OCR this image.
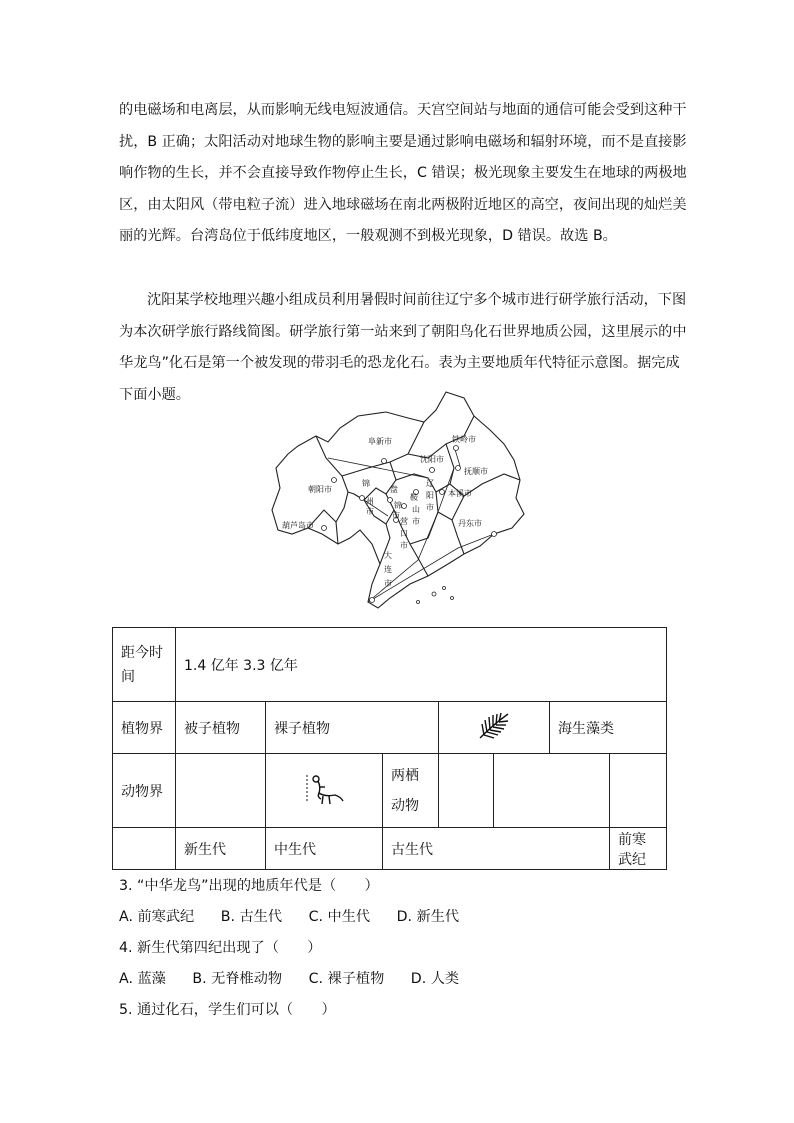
的电磁场和电离层，从而影响无线电短波通信。天宫空间站与地面的通信可能会受到这种干
扰，B 正确；太阳活动对地球生物的影响主要是通过影响电磁场和辐射环境，而不是直接影
响作物的生长，并不会直接导致作物停止生长，C 错误；极光现象主要发生在地球的两极地
区，由太阳风（带电粒子流）进入地球磁场在南北两极附近地区的高空，夜间出现的灿烂美
丽的光辉。台湾岛位于低纬度地区，一般观测不到极光现象，D 错误。故选 B。
沈阳某学校地理兴趣小组成员利用暑假时间前往辽宁多个城市进行研学旅行活动，下图
为本次研学旅行路线简图。研学旅行第一站来到了朝阳鸟化石世界地质公园，这里展示的中
华龙鸟”化石是第一个被发现的带羽毛的恐龙化石。表为主要地质年代特征示意图。据完成
下面小题。
阜新市	铁岭市
沈阳市
抚顺市
朝阳市
锦
州
市
盘
锦
市
辽
阳
市
本溪市
鞍
山
市
营
口
市
丹东市
葫芦岛市
大
连
市
距今时
间	1.4 亿年 3.3 亿年						
植物界	被子植物	裸子植物				海生藻类	
动物界			两栖
动物				
	新生代	中生代	古生代				前寒武纪
3. “中华龙鸟”出现的地质年代是（　　）
A. 前寒武纪 B. 古生代 C. 中生代 D. 新生代
4. 新生代第四纪出现了（　　）
A. 蓝藻 B. 无脊椎动物 C. 裸子植物 D. 人类
5. 通过化石，学生们可以（　　）
